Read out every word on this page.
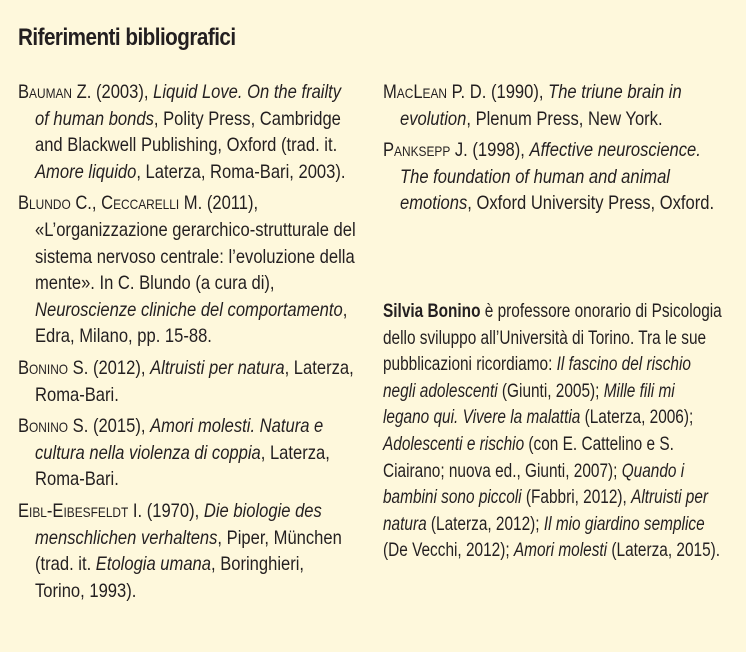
Riferimenti bibliografici

Bauman Z. (2003), Liquid Love. On the frailty of human bonds, Polity Press, Cambridge and Blackwell Publishing, Oxford (trad. it. Amore liquido, Laterza, Roma-Bari, 2003).

Blundo C., Ceccarelli M. (2011), «L’organizzazione gerarchico-strutturale del sistema nervoso centrale: l’evoluzione della mente». In C. Blundo (a cura di), Neuroscienze cliniche del comportamento, Edra, Milano, pp. 15-88.

Bonino S. (2012), Altruisti per natura, Laterza, Roma-Bari.

Bonino S. (2015), Amori molesti. Natura e cultura nella violenza di coppia, Laterza, Roma-Bari.

Eibl-Eibesfeldt I. (1970), Die biologie des menschlichen verhaltens, Piper, München (trad. it. Etologia umana, Boringhieri, Torino, 1993).

MacLean P. D. (1990), The triune brain in evolution, Plenum Press, New York.

Panksepp J. (1998), Affective neuroscience. The foundation of human and animal emotions, Oxford University Press, Oxford.

Silvia Bonino è professore onorario di Psicologia dello sviluppo all’Università di Torino. Tra le sue pubblicazioni ricordiamo: Il fascino del rischio negli adolescenti (Giunti, 2005); Mille fili mi legano qui. Vivere la malattia (Laterza, 2006); Adolescenti e rischio (con E. Cattelino e S. Ciairano; nuova ed., Giunti, 2007); Quando i bambini sono piccoli (Fabbri, 2012), Altruisti per natura (Laterza, 2012); Il mio giardino semplice (De Vecchi, 2012); Amori molesti (Laterza, 2015).
